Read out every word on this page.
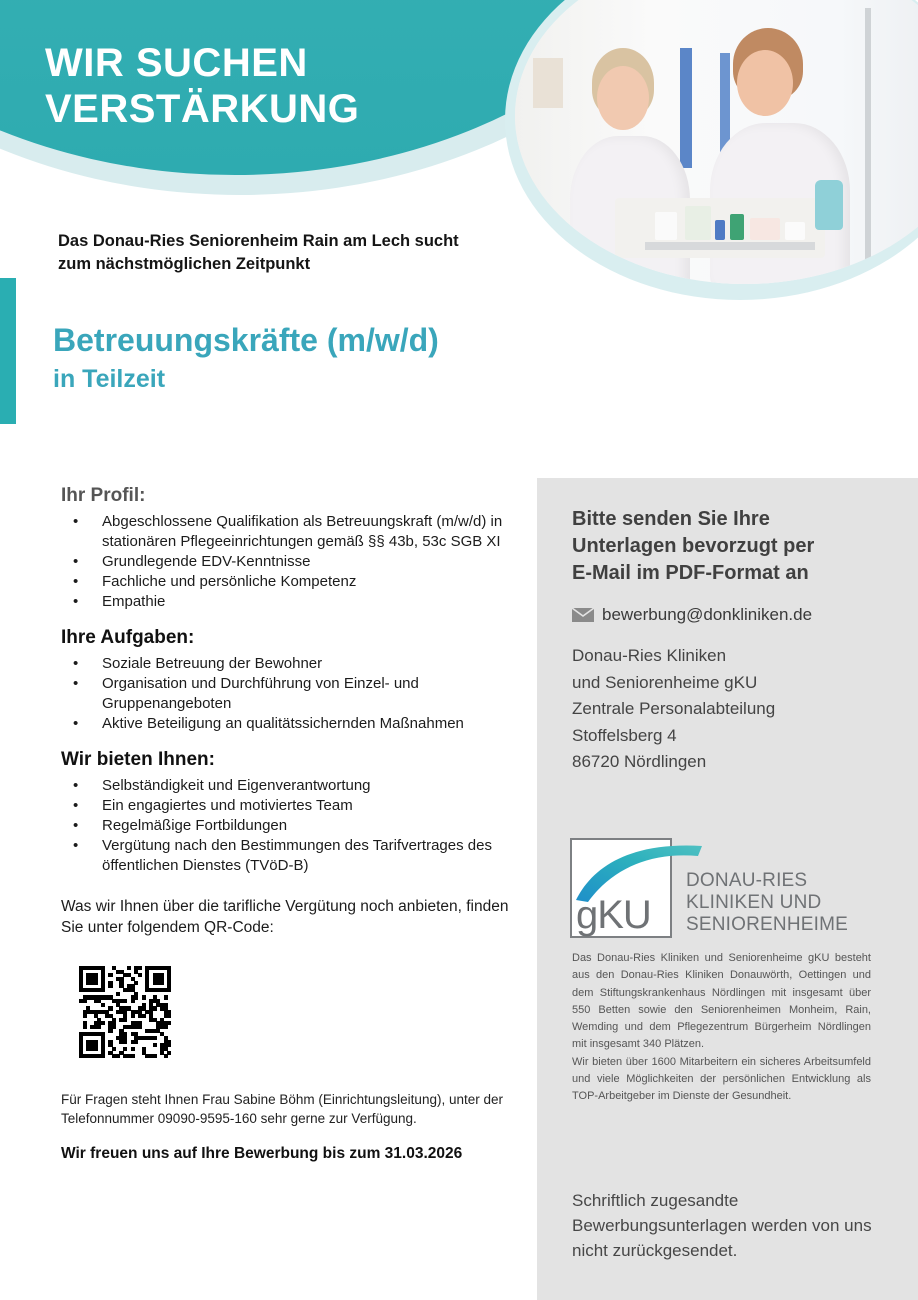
WIR SUCHEN
VERSTÄRKUNG

Das Donau-Ries Seniorenheim Rain am Lech sucht
zum nächstmöglichen Zeitpunkt

Betreuungskräfte (m/w/d)
in Teilzeit
Ihr Profil:
• Abgeschlossene Qualifikation als Betreuungskraft (m/w/d) in stationären Pflegeeinrichtungen gemäß §§ 43b, 53c SGB XI
• Grundlegende EDV-Kenntnisse
• Fachliche und persönliche Kompetenz
• Empathie
Ihre Aufgaben:
• Soziale Betreuung der Bewohner
• Organisation und Durchführung von Einzel- und Gruppenangeboten
• Aktive Beteiligung an qualitätssichernden Maßnahmen
Wir bieten Ihnen:
• Selbständigkeit und Eigenverantwortung
• Ein engagiertes und motiviertes Team
• Regelmäßige Fortbildungen
• Vergütung nach den Bestimmungen des Tarifvertrages des öffentlichen Dienstes (TVöD-B)

Was wir Ihnen über die tarifliche Vergütung noch anbieten, finden Sie unter folgendem QR-Code:

Für Fragen steht Ihnen Frau Sabine Böhm (Einrichtungsleitung), unter der Telefonnummer 09090-9595-160 sehr gerne zur Verfügung.

Wir freuen uns auf Ihre Bewerbung bis zum 31.03.2026

Bitte senden Sie Ihre
Unterlagen bevorzugt per
E-Mail im PDF-Format an
bewerbung@donkliniken.de
Donau-Ries Kliniken
und Seniorenheime gKU
Zentrale Personalabteilung
Stoffelsberg 4
86720 Nördlingen
gKU
DONAU-RIES
KLINIKEN UND
SENIORENHEIME

Das Donau-Ries Kliniken und Seniorenheime gKU besteht aus den Donau-Ries Kliniken Donauwörth, Oettingen und dem Stiftungskrankenhaus Nördlingen mit insgesamt über 550 Betten sowie den Seniorenheimen Monheim, Rain, Wemding und dem Pflegezentrum Bürgerheim Nördlingen mit insgesamt 340 Plätzen.

Wir bieten über 1600 Mitarbeitern ein sicheres Arbeitsumfeld und viele Möglichkeiten der persönlichen Entwicklung als TOP-Arbeitgeber im Dienste der Gesundheit.

Schriftlich zugesandte Bewerbungsunterlagen werden von uns nicht zurückgesendet.
